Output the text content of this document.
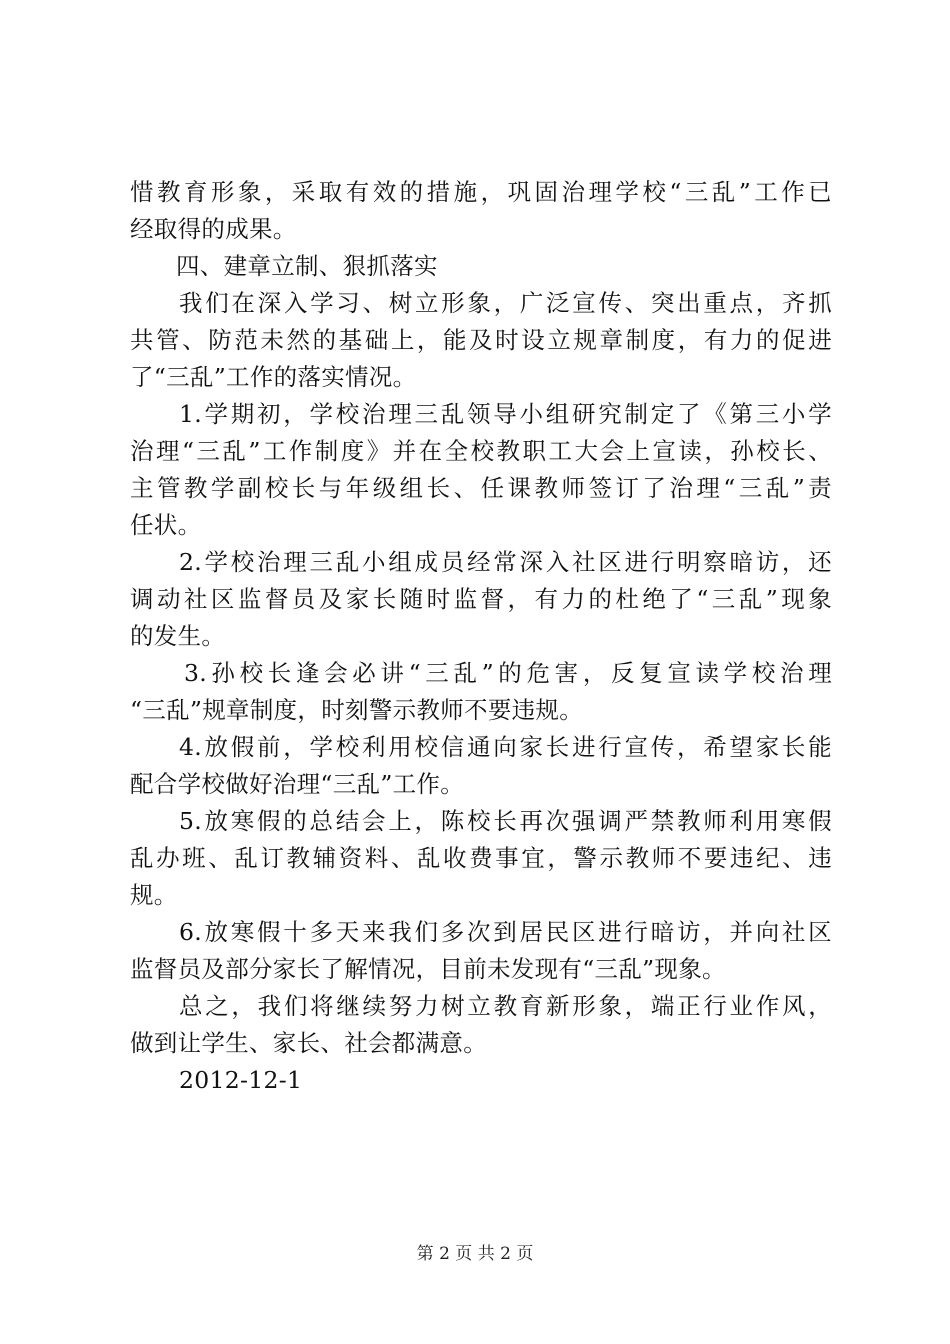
惜教育形象，采取有效的措施，巩固治理学校“三乱”工作已
经取得的成果。
四、建章立制、狠抓落实
我们在深入学习、树立形象，广泛宣传、突出重点，齐抓
共管、防范未然的基础上，能及时设立规章制度，有力的促进
了“三乱”工作的落实情况。
1.学期初，学校治理三乱领导小组研究制定了《第三小学
治理“三乱”工作制度》并在全校教职工大会上宣读，孙校长、
主管教学副校长与年级组长、任课教师签订了治理“三乱”责
任状。
2.学校治理三乱小组成员经常深入社区进行明察暗访，还
调动社区监督员及家长随时监督，有力的杜绝了“三乱”现象
的发生。
3.孙校长逢会必讲“三乱”的危害，反复宣读学校治理
“三乱”规章制度，时刻警示教师不要违规。
4.放假前，学校利用校信通向家长进行宣传，希望家长能
配合学校做好治理“三乱”工作。
5.放寒假的总结会上，陈校长再次强调严禁教师利用寒假
乱办班、乱订教辅资料、乱收费事宜，警示教师不要违纪、违
规。
6.放寒假十多天来我们多次到居民区进行暗访，并向社区
监督员及部分家长了解情况，目前未发现有“三乱”现象。
总之，我们将继续努力树立教育新形象，端正行业作风，
做到让学生、家长、社会都满意。
2012-12-1
第 2 页 共 2 页
